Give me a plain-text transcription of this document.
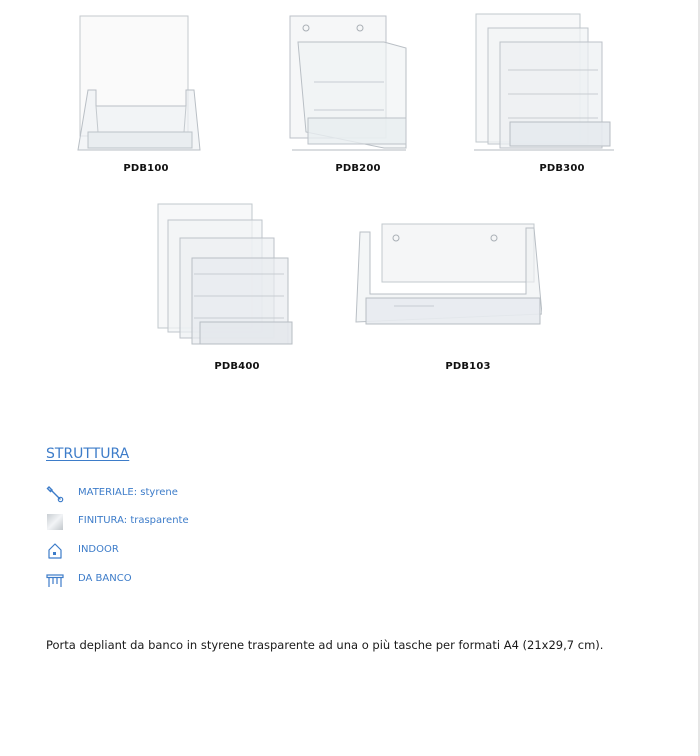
PDB100	PDB200	PDB300
PDB400	PDB103
STRUTTURA
MATERIALE: styrene
FINITURA: trasparente
INDOOR
DA BANCO
Porta depliant da banco in styrene trasparente ad una o più tasche per formati A4 (21x29,7 cm).
